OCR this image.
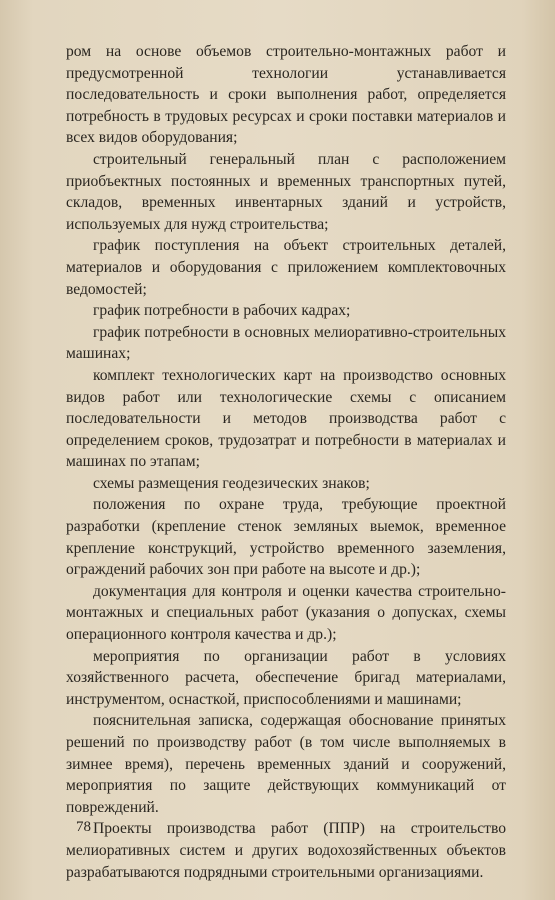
ром на основе объемов строительно-монтажных работ и предусмотренной технологии устанавливается последовательность и сроки выполнения работ, определяется потребность в трудовых ресурсах и сроки поставки материалов и всех видов оборудования;

строительный генеральный план с расположением приобъектных постоянных и временных транспортных путей, складов, временных инвентарных зданий и устройств, используемых для нужд строительства;

график поступления на объект строительных деталей, материалов и оборудования с приложением комплектовочных ведомостей;

график потребности в рабочих кадрах;

график потребности в основных мелиоративно-строительных машинах;

комплект технологических карт на производство основных видов работ или технологические схемы с описанием последовательности и методов производства работ с определением сроков, трудозатрат и потребности в материалах и машинах по этапам;

схемы размещения геодезических знаков;

положения по охране труда, требующие проектной разработки (крепление стенок земляных выемок, временное крепление конструкций, устройство временного заземления, ограждений рабочих зон при работе на высоте и др.);

документация для контроля и оценки качества строительно-монтажных и специальных работ (указания о допусках, схемы операционного контроля качества и др.);

мероприятия по организации работ в условиях хозяйственного расчета, обеспечение бригад материалами, инструментом, оснасткой, приспособлениями и машинами;

пояснительная записка, содержащая обоснование принятых решений по производству работ (в том числе выполняемых в зимнее время), перечень временных зданий и сооружений, мероприятия по защите действующих коммуникаций от повреждений.

Проекты производства работ (ППР) на строительство мелиоративных систем и других водохозяйственных объектов разрабатываются подрядными строительными организациями.

78
